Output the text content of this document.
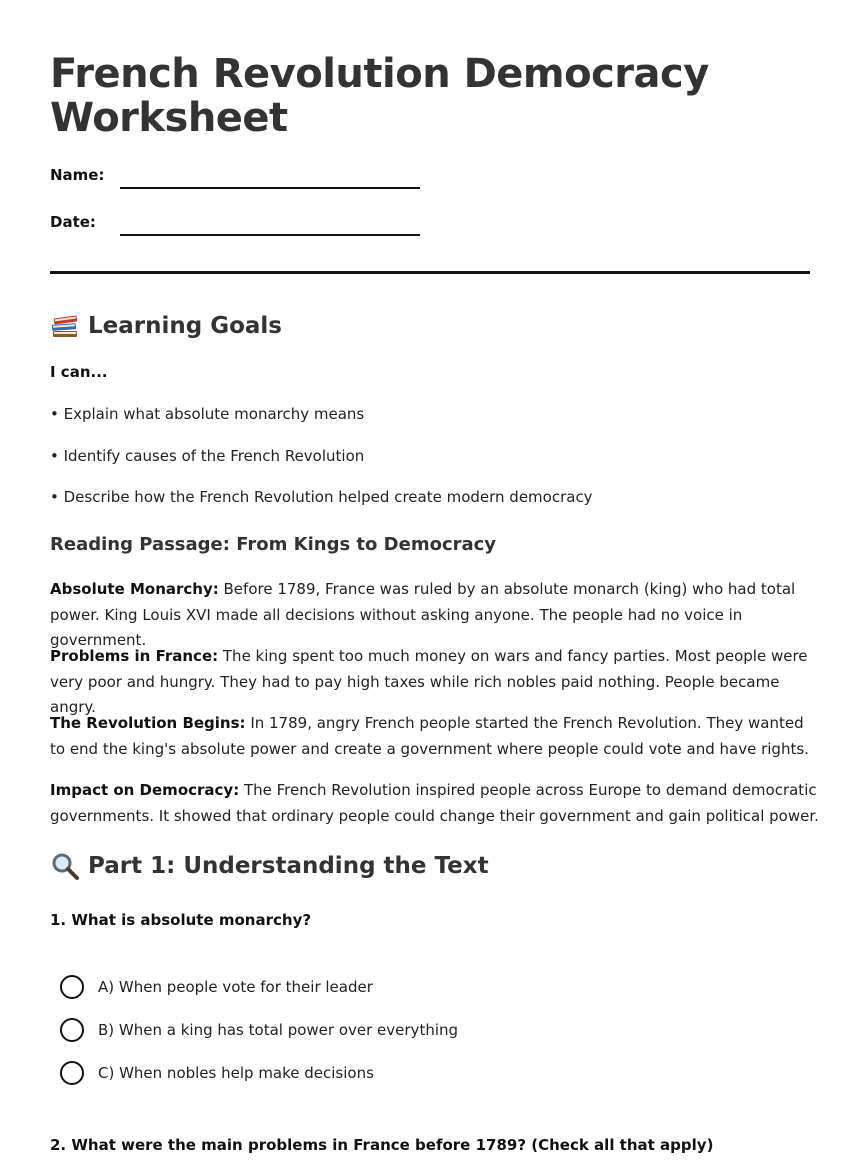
French Revolution Democracy Worksheet
Name:
Date:
Learning Goals
I can...
• Explain what absolute monarchy means
• Identify causes of the French Revolution
• Describe how the French Revolution helped create modern democracy
Reading Passage: From Kings to Democracy

Absolute Monarchy: Before 1789, France was ruled by an absolute monarch (king) who had total power. King Louis XVI made all decisions without asking anyone. The people had no voice in government.

Problems in France: The king spent too much money on wars and fancy parties. Most people were very poor and hungry. They had to pay high taxes while rich nobles paid nothing. People became angry.

The Revolution Begins: In 1789, angry French people started the French Revolution. They wanted to end the king's absolute power and create a government where people could vote and have rights.

Impact on Democracy: The French Revolution inspired people across Europe to demand democratic governments. It showed that ordinary people could change their government and gain political power.

Part 1: Understanding the Text
1. What is absolute monarchy?
A) When people vote for their leader
B) When a king has total power over everything
C) When nobles help make decisions
2. What were the main problems in France before 1789? (Check all that apply)
